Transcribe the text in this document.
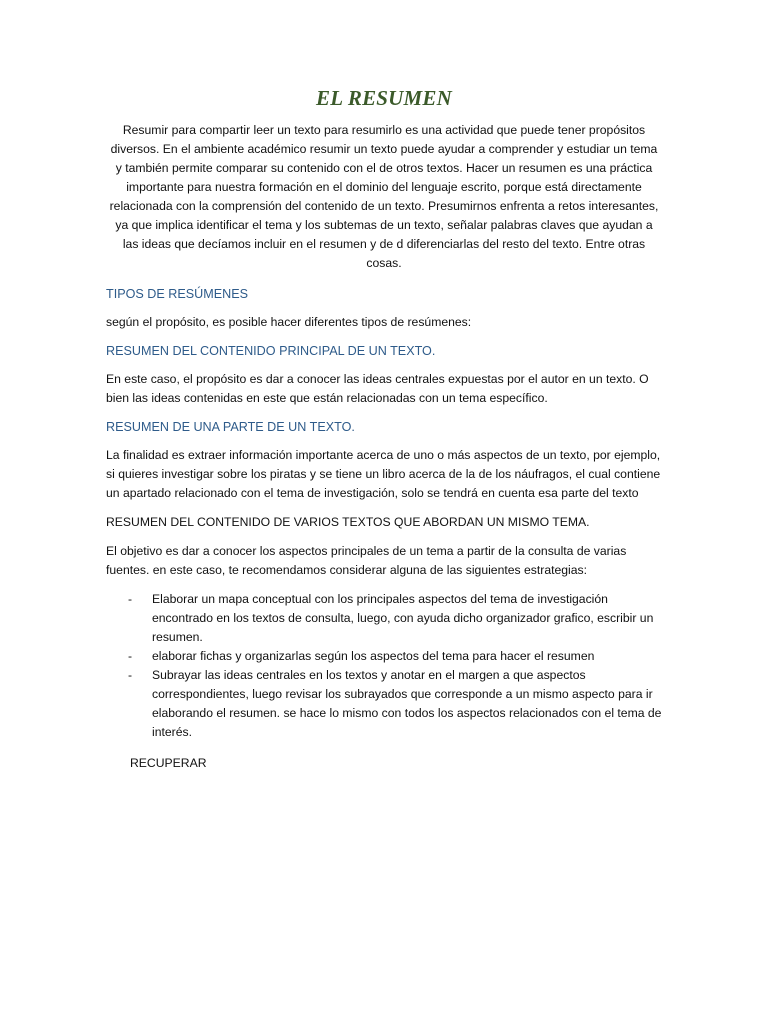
EL RESUMEN

Resumir para compartir leer un texto para resumirlo es una actividad que puede tener propósitos diversos. En el ambiente académico resumir un texto puede ayudar a comprender y estudiar un tema y también permite comparar su contenido con el de otros textos. Hacer un resumen es una práctica importante para nuestra formación en el dominio del lenguaje escrito, porque está directamente relacionada con la comprensión del contenido de un texto. Presumirnos enfrenta a retos interesantes, ya que implica identificar el tema y los subtemas de un texto, señalar palabras claves que ayudan a las ideas que decíamos incluir en el resumen y de d diferenciarlas del resto del texto. Entre otras cosas.

TIPOS DE RESÚMENES

según el propósito, es posible hacer diferentes tipos de resúmenes:

RESUMEN DEL CONTENIDO PRINCIPAL DE UN TEXTO.

En este caso, el propósito es dar a conocer las ideas centrales expuestas por el autor en un texto. O bien las ideas contenidas en este que están relacionadas con un tema específico.

RESUMEN DE UNA PARTE DE UN TEXTO.

La finalidad es extraer información importante acerca de uno o más aspectos de un texto, por ejemplo, si quieres investigar sobre los piratas y se tiene un libro acerca de la de los náufragos, el cual contiene un apartado relacionado con el tema de investigación, solo se tendrá en cuenta esa parte del texto

RESUMEN DEL CONTENIDO DE VARIOS TEXTOS QUE ABORDAN UN MISMO TEMA.

El objetivo es dar a conocer los aspectos principales de un tema a partir de la consulta de varias fuentes. en este caso, te recomendamos considerar alguna de las siguientes estrategias:

- Elaborar un mapa conceptual con los principales aspectos del tema de investigación encontrado en los textos de consulta, luego, con ayuda dicho organizador grafico, escribir un resumen.
- elaborar fichas y organizarlas según los aspectos del tema para hacer el resumen
- Subrayar las ideas centrales en los textos y anotar en el margen a que aspectos correspondientes, luego revisar los subrayados que corresponde a un mismo aspecto para ir elaborando el resumen. se hace lo mismo con todos los aspectos relacionados con el tema de interés.
RECUPERAR
